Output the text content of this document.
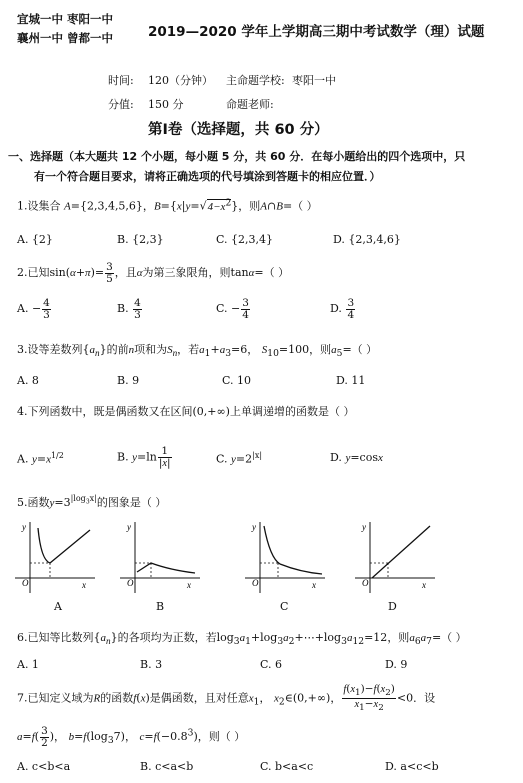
宜城一中 枣阳一中
襄州一中 曾都一中	2019—2020 学年上学期高三期中考试数学（理）试题
时间: 120（分钟） 主命题学校: 枣阳一中
分值: 150 分	命题老师:
第Ⅰ卷（选择题，共 60 分）
一、选择题（本大题共 12 个小题，每小题 5 分，共 60 分．在每小题给出的四个选项中，只
有一个符合题目要求，请将正确选项的代号填涂到答题卡的相应位置．）
1.设集合 A={2,3,4,5,6}，$B=\{x|y=√4-x^2\}$，则A∩B=（ ）
A. {2}	B. {2,3}	C. {2,3,4}	D. {2,3,4,6}
2.已知$\sin(\alpha+\pi)= \frac{3}{5}$ ，且α为第三象限角，则tanα=（ ）
A. − $\frac{4}{3}$	B. $\frac{4}{3}$	C. − $\frac{3}{4}$	D. $\frac{3}{4}$
3.设等差数列$\{a_n\}$的前n项和为$S_n$，若$a_1+a_3=6$， $S_{10}=100$，则$a_5=$（ ）
A. 8	B. 9	C. 10	D. 11
4.下列函数中，既是偶函数又在区间(0,+∞)上单调递增的函数是（ ）
A. $y=x^{1/2}$	B. $y=\ln \frac{1}{|x|}$	C. $y=2^{|x|}$	D. y=cosx
5.函数$y=3^{|log_3x|}$的图象是（ ）
y
O	x
y
O	x
y
O	x
y
O	x
A	B	C	D
6.已知等比数列$\{a_n\}$的各项均为正数，若$\log_3a_1+\log_3a_2+\cdots+\log_3a_{12}=12$，则$a_6a_7=$（ ）
A. 1	B. 3	C. 6	D. 9
7.已知定义域为R的函数f(x)是偶函数，且对任意$x_1$， $x_2\in(0,+\infty)$， $\frac{f(x_1)-f(x_2)}{x_1-x_2} <0$．设
$a=f( \frac{3}{2}$ )， $b=f(\log_37)$， $c=f(-0.8^3)$，则（ ）
A. c<b<a	B. c<a<b	C. b<a<c	D. a<c<b
